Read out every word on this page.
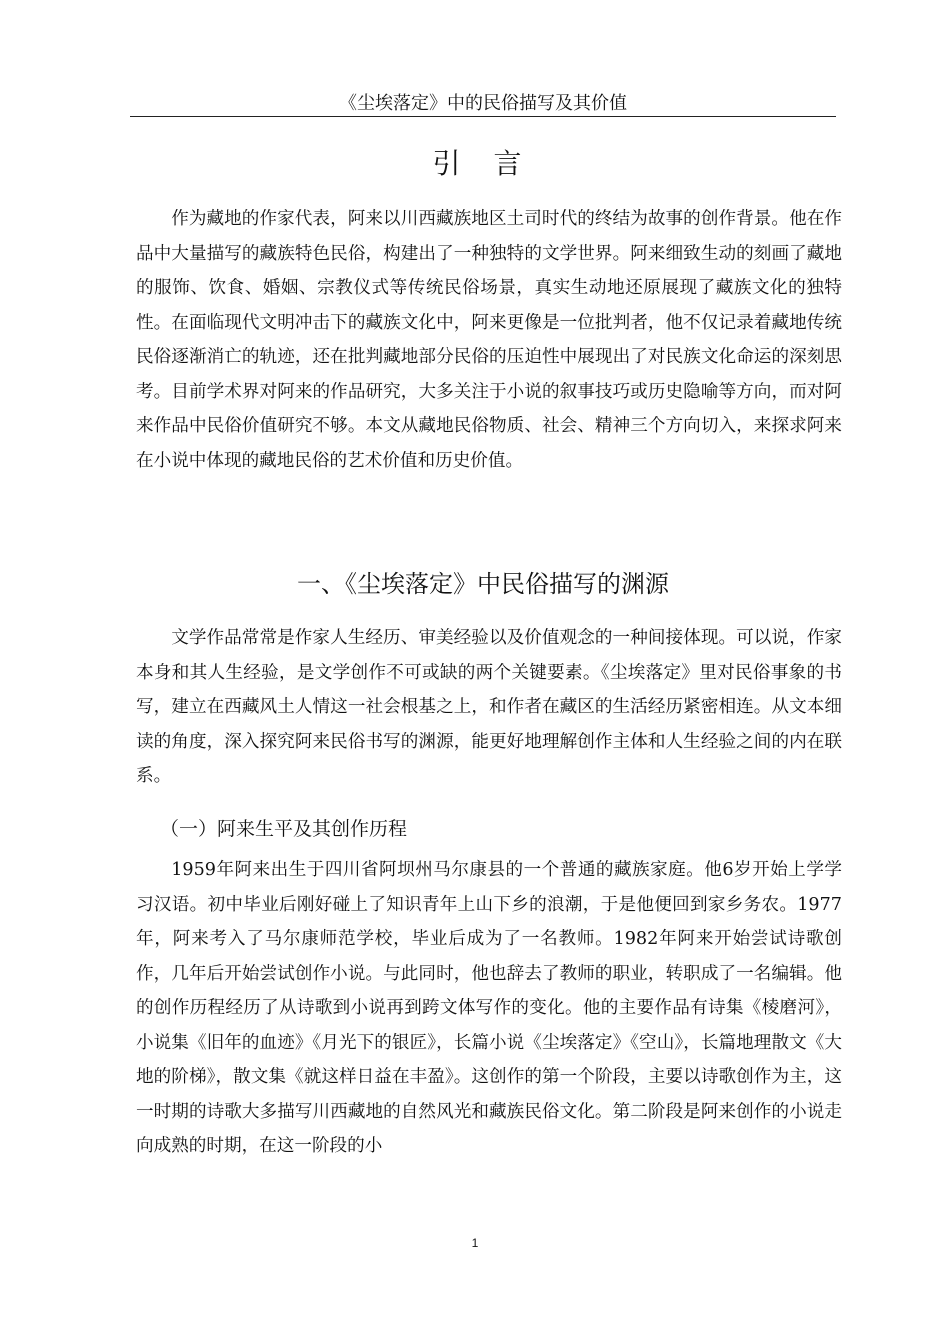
《尘埃落定》中的民俗描写及其价值
引 言

作为藏地的作家代表，阿来以川西藏族地区土司时代的终结为故事的创作背景。他在作品中大量描写的藏族特色民俗，构建出了一种独特的文学世界。阿来细致生动的刻画了藏地的服饰、饮食、婚姻、宗教仪式等传统民俗场景，真实生动地还原展现了藏族文化的独特性。在面临现代文明冲击下的藏族文化中，阿来更像是一位批判者，他不仅记录着藏地传统民俗逐渐消亡的轨迹，还在批判藏地部分民俗的压迫性中展现出了对民族文化命运的深刻思考。目前学术界对阿来的作品研究，大多关注于小说的叙事技巧或历史隐喻等方向，而对阿来作品中民俗价值研究不够。本文从藏地民俗物质、社会、精神三个方向切入，来探求阿来在小说中体现的藏地民俗的艺术价值和历史价值。

一、《尘埃落定》中民俗描写的渊源

文学作品常常是作家人生经历、审美经验以及价值观念的一种间接体现。可以说，作家本身和其人生经验，是文学创作不可或缺的两个关键要素。《尘埃落定》里对民俗事象的书写，建立在西藏风土人情这一社会根基之上，和作者在藏区的生活经历紧密相连。从文本细读的角度，深入探究阿来民俗书写的渊源，能更好地理解创作主体和人生经验之间的内在联系。

（一）阿来生平及其创作历程

1959年阿来出生于四川省阿坝州马尔康县的一个普通的藏族家庭。他6岁开始上学学习汉语。初中毕业后刚好碰上了知识青年上山下乡的浪潮，于是他便回到家乡务农。1977年，阿来考入了马尔康师范学校，毕业后成为了一名教师。1982年阿来开始尝试诗歌创作，几年后开始尝试创作小说。与此同时，他也辞去了教师的职业，转职成了一名编辑。他的创作历程经历了从诗歌到小说再到跨文体写作的变化。他的主要作品有诗集《棱磨河》，小说集《旧年的血迹》《月光下的银匠》，长篇小说《尘埃落定》《空山》，长篇地理散文《大地的阶梯》，散文集《就这样日益在丰盈》。这创作的第一个阶段，主要以诗歌创作为主，这一时期的诗歌大多描写川西藏地的自然风光和藏族民俗文化。第二阶段是阿来创作的小说走向成熟的时期，在这一阶段的小

1
